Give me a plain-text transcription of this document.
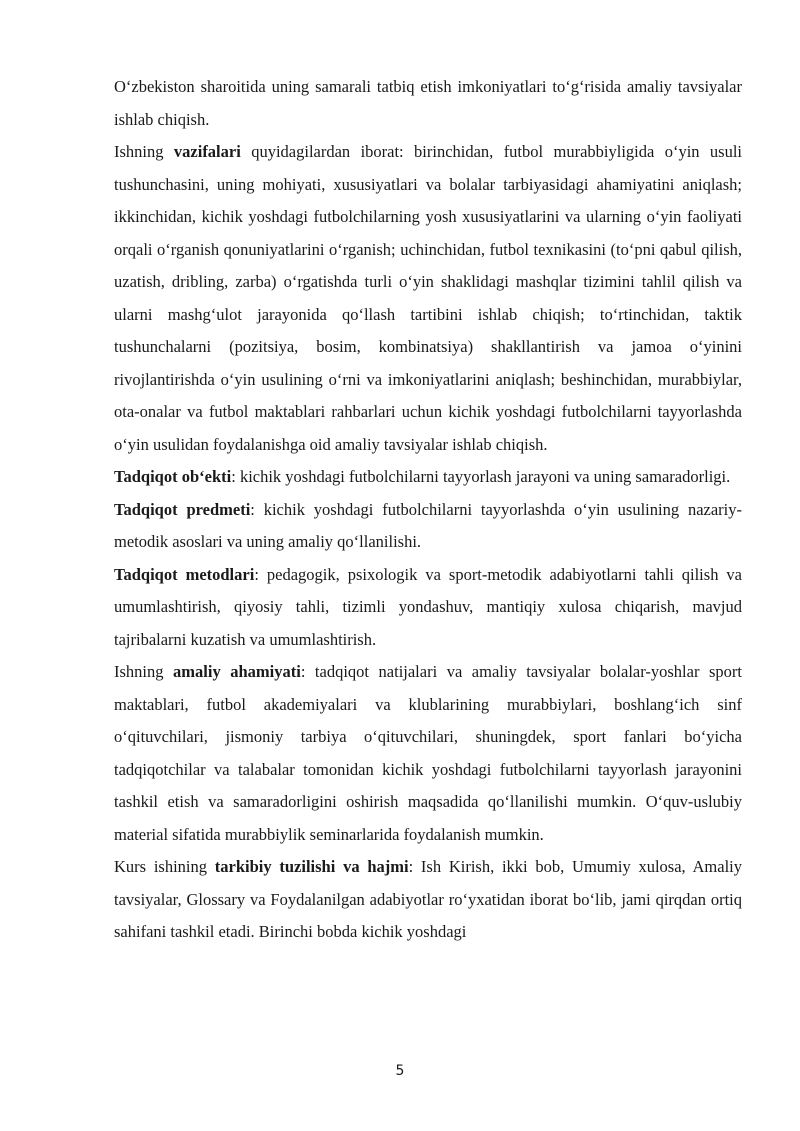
O‘zbekiston sharoitida uning samarali tatbiq etish imkoniyatlari to‘g‘risida amaliy tavsiyalar ishlab chiqish.

Ishning vazifalari quyidagilardan iborat: birinchidan, futbol murabbiyligida o‘yin usuli tushunchasini, uning mohiyati, xususiyatlari va bolalar tarbiyasidagi ahamiyatini aniqlash; ikkinchidan, kichik yoshdagi futbolchilarning yosh xususiyatlarini va ularning o‘yin faoliyati orqali o‘rganish qonuniyatlarini o‘rganish; uchinchidan, futbol texnikasini (to‘pni qabul qilish, uzatish, dribling, zarba) o‘rgatishda turli o‘yin shaklidagi mashqlar tizimini tahlil qilish va ularni mashg‘ulot jarayonida qo‘llash tartibini ishlab chiqish; to‘rtinchidan, taktik tushunchalarni (pozitsiya, bosim, kombinatsiya) shakllantirish va jamoa o‘yinini rivojlantirishda o‘yin usulining o‘rni va imkoniyatlarini aniqlash; beshinchidan, murabbiylar, ota-onalar va futbol maktablari rahbarlari uchun kichik yoshdagi futbolchilarni tayyorlashda o‘yin usulidan foydalanishga oid amaliy tavsiyalar ishlab chiqish.

Tadqiqot ob‘ekti: kichik yoshdagi futbolchilarni tayyorlash jarayoni va uning samaradorligi.

Tadqiqot predmeti: kichik yoshdagi futbolchilarni tayyorlashda o‘yin usulining nazariy-metodik asoslari va uning amaliy qo‘llanilishi.

Tadqiqot metodlari: pedagogik, psixologik va sport-metodik adabiyotlarni tahli qilish va umumlashtirish, qiyosiy tahli, tizimli yondashuv, mantiqiy xulosa chiqarish, mavjud tajribalarni kuzatish va umumlashtirish.

Ishning amaliy ahamiyati: tadqiqot natijalari va amaliy tavsiyalar bolalar-yoshlar sport maktablari, futbol akademiyalari va klublarining murabbiylari, boshlang‘ich sinf o‘qituvchilari, jismoniy tarbiya o‘qituvchilari, shuningdek, sport fanlari bo‘yicha tadqiqotchilar va talabalar tomonidan kichik yoshdagi futbolchilarni tayyorlash jarayonini tashkil etish va samaradorligini oshirish maqsadida qo‘llanilishi mumkin. O‘quv-uslubiy material sifatida murabbiylik seminarlarida foydalanish mumkin.

Kurs ishining tarkibiy tuzilishi va hajmi: Ish Kirish, ikki bob, Umumiy xulosa, Amaliy tavsiyalar, Glossary va Foydalanilgan adabiyotlar ro‘yxatidan iborat bo‘lib, jami qirqdan ortiq sahifani tashkil etadi. Birinchi bobda kichik yoshdagi

5
